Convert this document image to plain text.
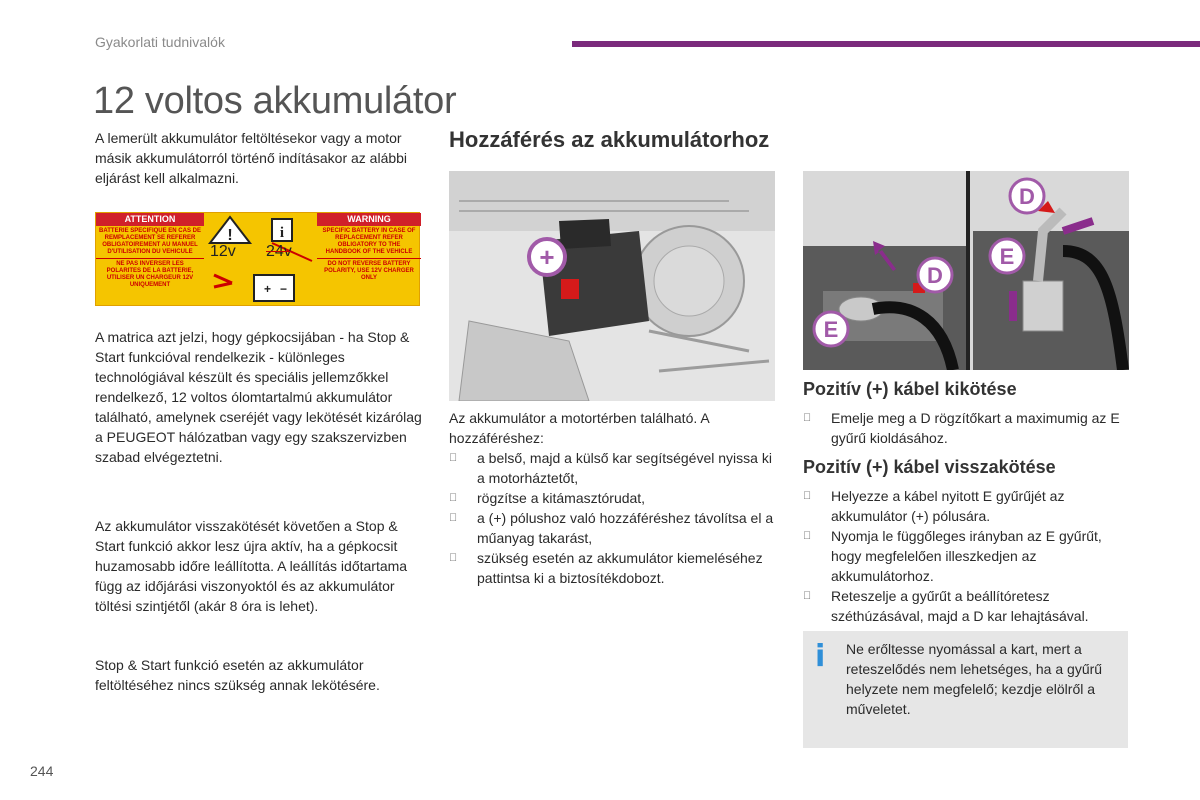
Gyakorlati tudnivalók
12 voltos akkumulátor
A lemerült akkumulátor feltöltésekor vagy a motor másik akkumulátorról történő indításakor az alábbi eljárást kell alkalmazni.
ATTENTION
BATTERIE SPECIFIQUE EN CAS DE REMPLACEMENT SE REFERER OBLIGATOIREMENT AU MANUEL D'UTILISATION DU VEHICULE
NE PAS INVERSER LES POLARITES DE LA BATTERIE, UTILISER UN CHARGEUR 12V UNIQUEMENT
!	i
+ −
12v 24v
WARNING
SPECIFIC BATTERY IN CASE OF REPLACEMENT REFER OBLIGATORY TO THE HANDBOOK OF THE VEHICLE
DO NOT REVERSE BATTERY POLARITY, USE 12V CHARGER ONLY
A matrica azt jelzi, hogy gépkocsijában - ha Stop & Start funkcióval rendelkezik - különleges technológiával készült és speciális jellemzőkkel rendelkező, 12 voltos ólomtartalmú akkumulátor található, amelynek cseréjét vagy lekötését kizárólag a PEUGEOT hálózatban vagy egy szakszervizben szabad elvégeztetni.
Az akkumulátor visszakötését követően a Stop & Start funkció akkor lesz újra aktív, ha a gépkocsit huzamosabb időre leállította. A leállítás időtartama függ az időjárási viszonyoktól és az akkumulátor töltési szintjétől (akár 8 óra is lehet).
Stop & Start funkció esetén az akkumulátor feltöltéséhez nincs szükség annak lekötésére.
244
Hozzáférés az akkumulátorhoz
+
D
E
D
E
Az akkumulátor a motortérben található. A hozzáféréshez:
a belső, majd a külső kar segítségével nyissa ki a motorháztetőt,
rögzítse a kitámasztórudat,
a (+) pólushoz való hozzáféréshez távolítsa el a műanyag takarást,
szükség esetén az akkumulátor kiemeléséhez pattintsa ki a biztosítékdobozt.
Pozitív (+) kábel kikötése
Emelje meg a D rögzítőkart a maximumig az E gyűrű kioldásához.
Pozitív (+) kábel visszakötése
Helyezze a kábel nyitott E gyűrűjét az akkumulátor (+) pólusára.
Nyomja le függőleges irányban az E gyűrűt, hogy megfelelően illeszkedjen az akkumulátorhoz.
Reteszelje a gyűrűt a beállítóretesz széthúzásával, majd a D kar lehajtásával.
i Ne erőltesse nyomással a kart, mert a reteszelődés nem lehetséges, ha a gyűrű helyzete nem megfelelő; kezdje elölről a műveletet.
